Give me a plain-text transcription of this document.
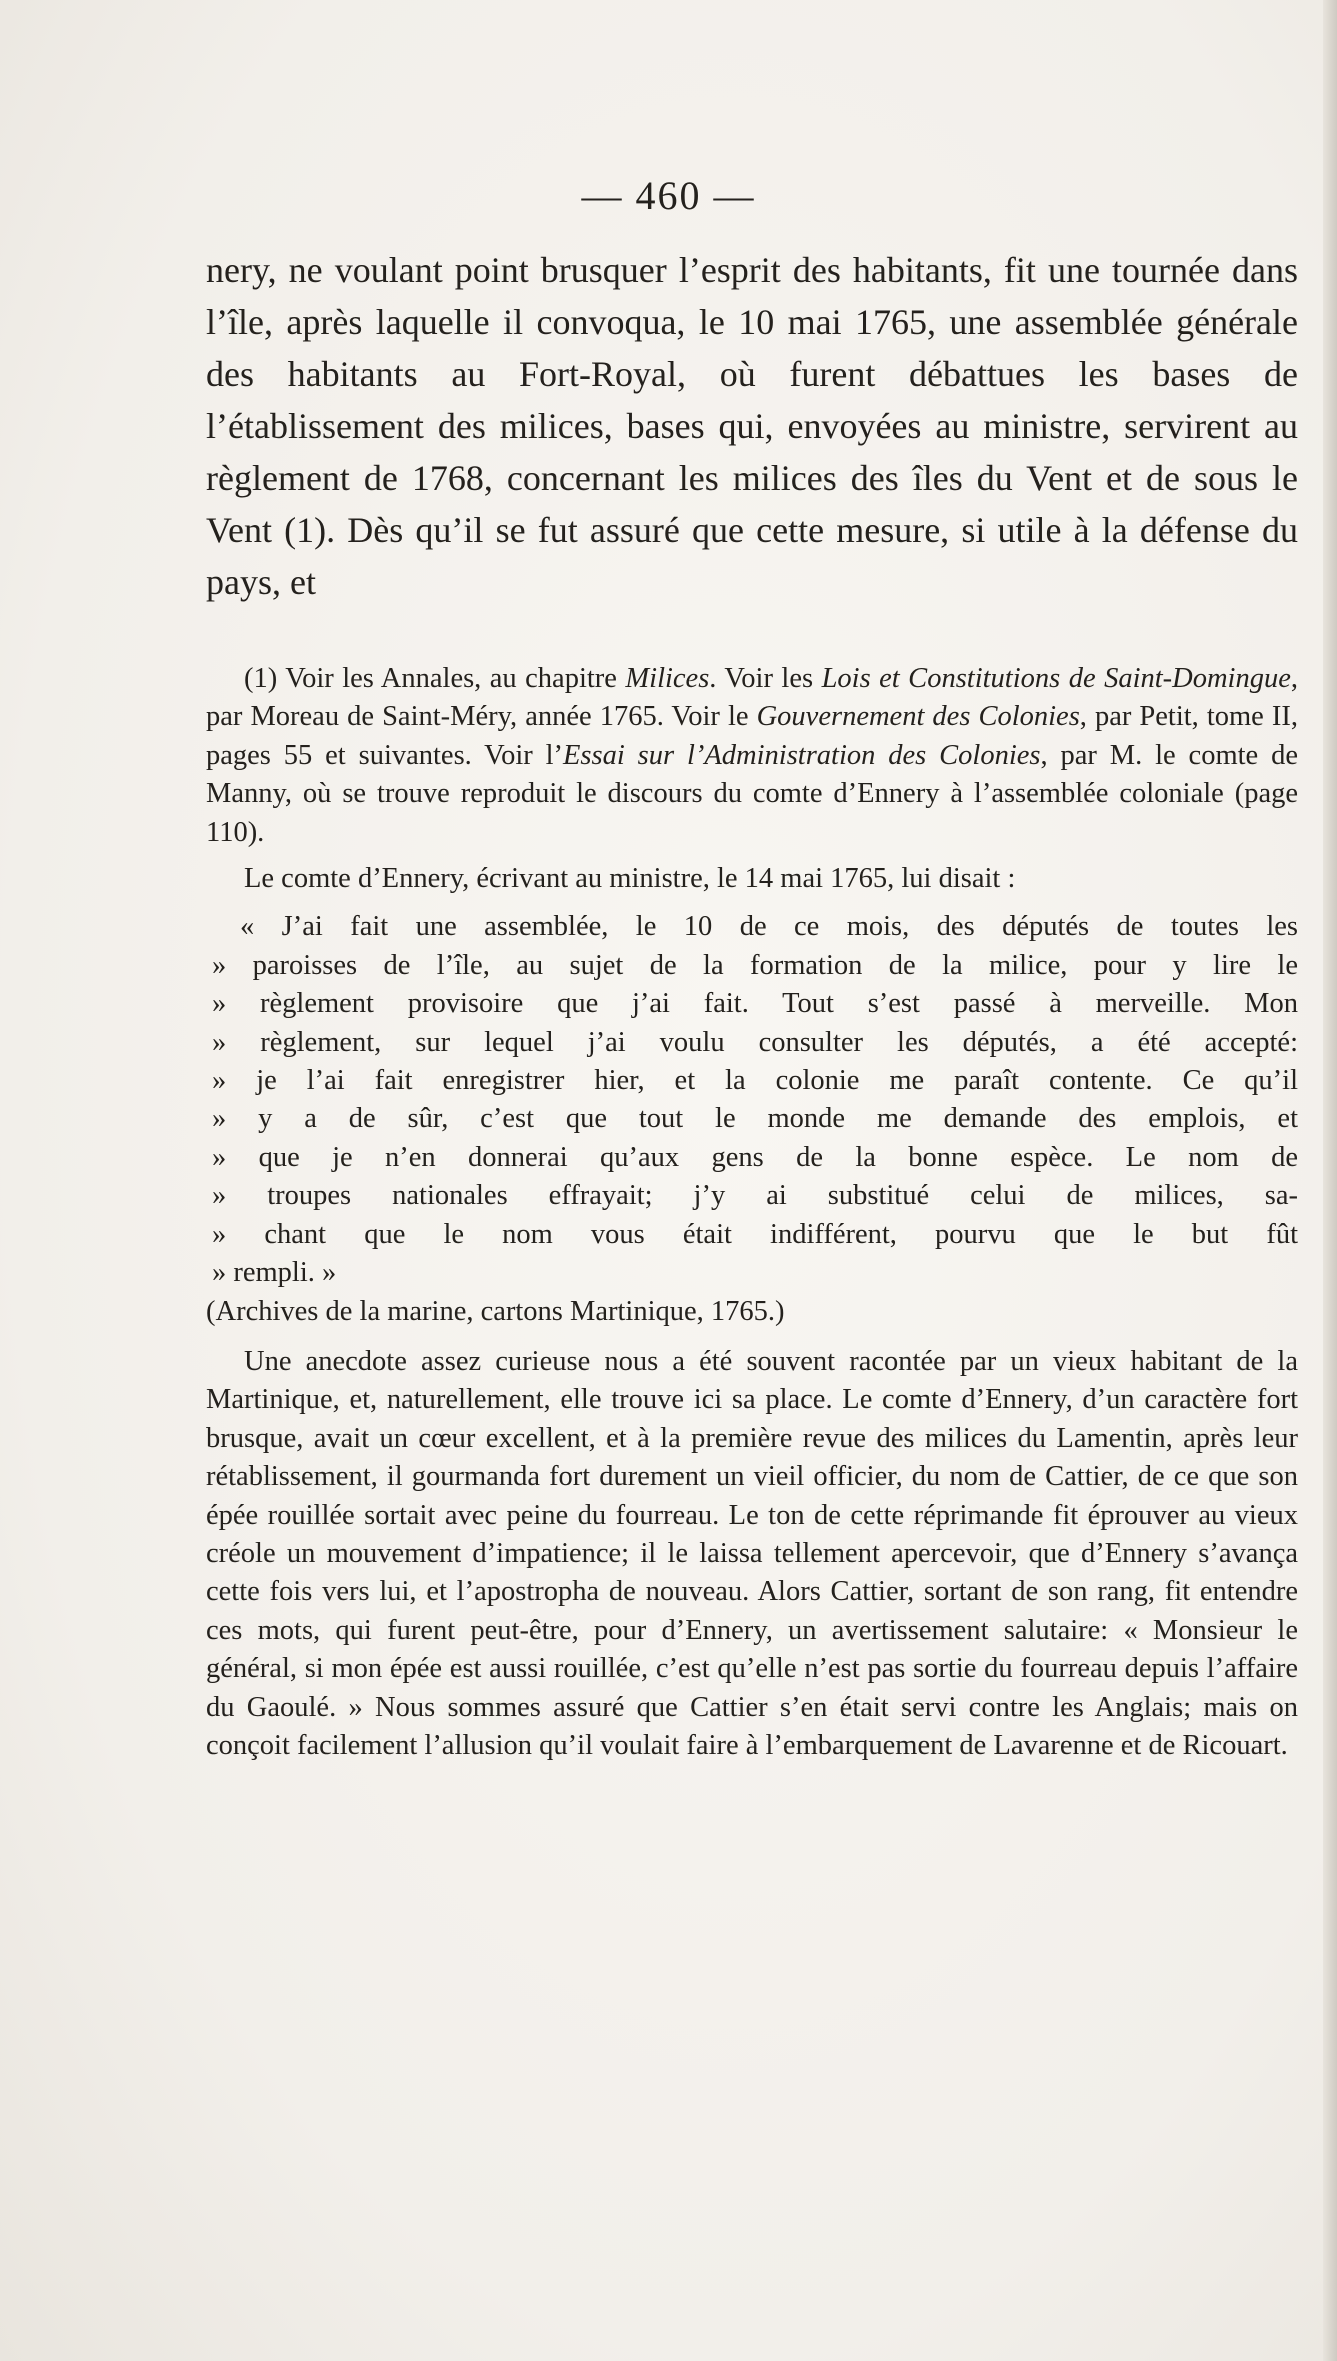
— 460 —

nery, ne voulant point brusquer l’esprit des habitants, fit une tournée dans l’île, après laquelle il convoqua, le 10 mai 1765, une assemblée générale des habitants au Fort-Royal, où furent débattues les bases de l’établissement des milices, bases qui, envoyées au ministre, servirent au règlement de 1768, concernant les milices des îles du Vent et de sous le Vent (1). Dès qu’il se fut assuré que cette mesure, si utile à la défense du pays, et

(1) Voir les Annales, au chapitre Milices. Voir les Lois et Constitutions de Saint-Domingue, par Moreau de Saint-Méry, année 1765. Voir le Gouvernement des Colonies, par Petit, tome II, pages 55 et suivantes. Voir l’Essai sur l’Administration des Colonies, par M. le comte de Manny, où se trouve reproduit le discours du comte d’Ennery à l’assemblée coloniale (page 110).

Le comte d’Ennery, écrivant au ministre, le 14 mai 1765, lui disait :

« J’ai fait une assemblée, le 10 de ce mois, des députés de toutes les
» paroisses de l’île, au sujet de la formation de la milice, pour y lire le
» règlement provisoire que j’ai fait. Tout s’est passé à merveille. Mon
» règlement, sur lequel j’ai voulu consulter les députés, a été accepté:
» je l’ai fait enregistrer hier, et la colonie me paraît contente. Ce qu’il
» y a de sûr, c’est que tout le monde me demande des emplois, et
» que je n’en donnerai qu’aux gens de la bonne espèce. Le nom de
» troupes nationales effrayait; j’y ai substitué celui de milices, sa-
» chant que le nom vous était indifférent, pourvu que le but fût
» rempli. »

(Archives de la marine, cartons Martinique, 1765.)

Une anecdote assez curieuse nous a été souvent racontée par un vieux habitant de la Martinique, et, naturellement, elle trouve ici sa place. Le comte d’Ennery, d’un caractère fort brusque, avait un cœur excellent, et à la première revue des milices du Lamentin, après leur rétablissement, il gourmanda fort durement un vieil officier, du nom de Cattier, de ce que son épée rouillée sortait avec peine du fourreau. Le ton de cette réprimande fit éprouver au vieux créole un mouvement d’impatience; il le laissa tellement apercevoir, que d’Ennery s’avança cette fois vers lui, et l’apostropha de nouveau. Alors Cattier, sortant de son rang, fit entendre ces mots, qui furent peut-être, pour d’Ennery, un avertissement salutaire: « Monsieur le général, si mon épée est aussi rouillée, c’est qu’elle n’est pas sortie du fourreau depuis l’affaire du Gaoulé. » Nous sommes assuré que Cattier s’en était servi contre les Anglais; mais on conçoit facilement l’allusion qu’il voulait faire à l’embarquement de Lavarenne et de Ricouart.
